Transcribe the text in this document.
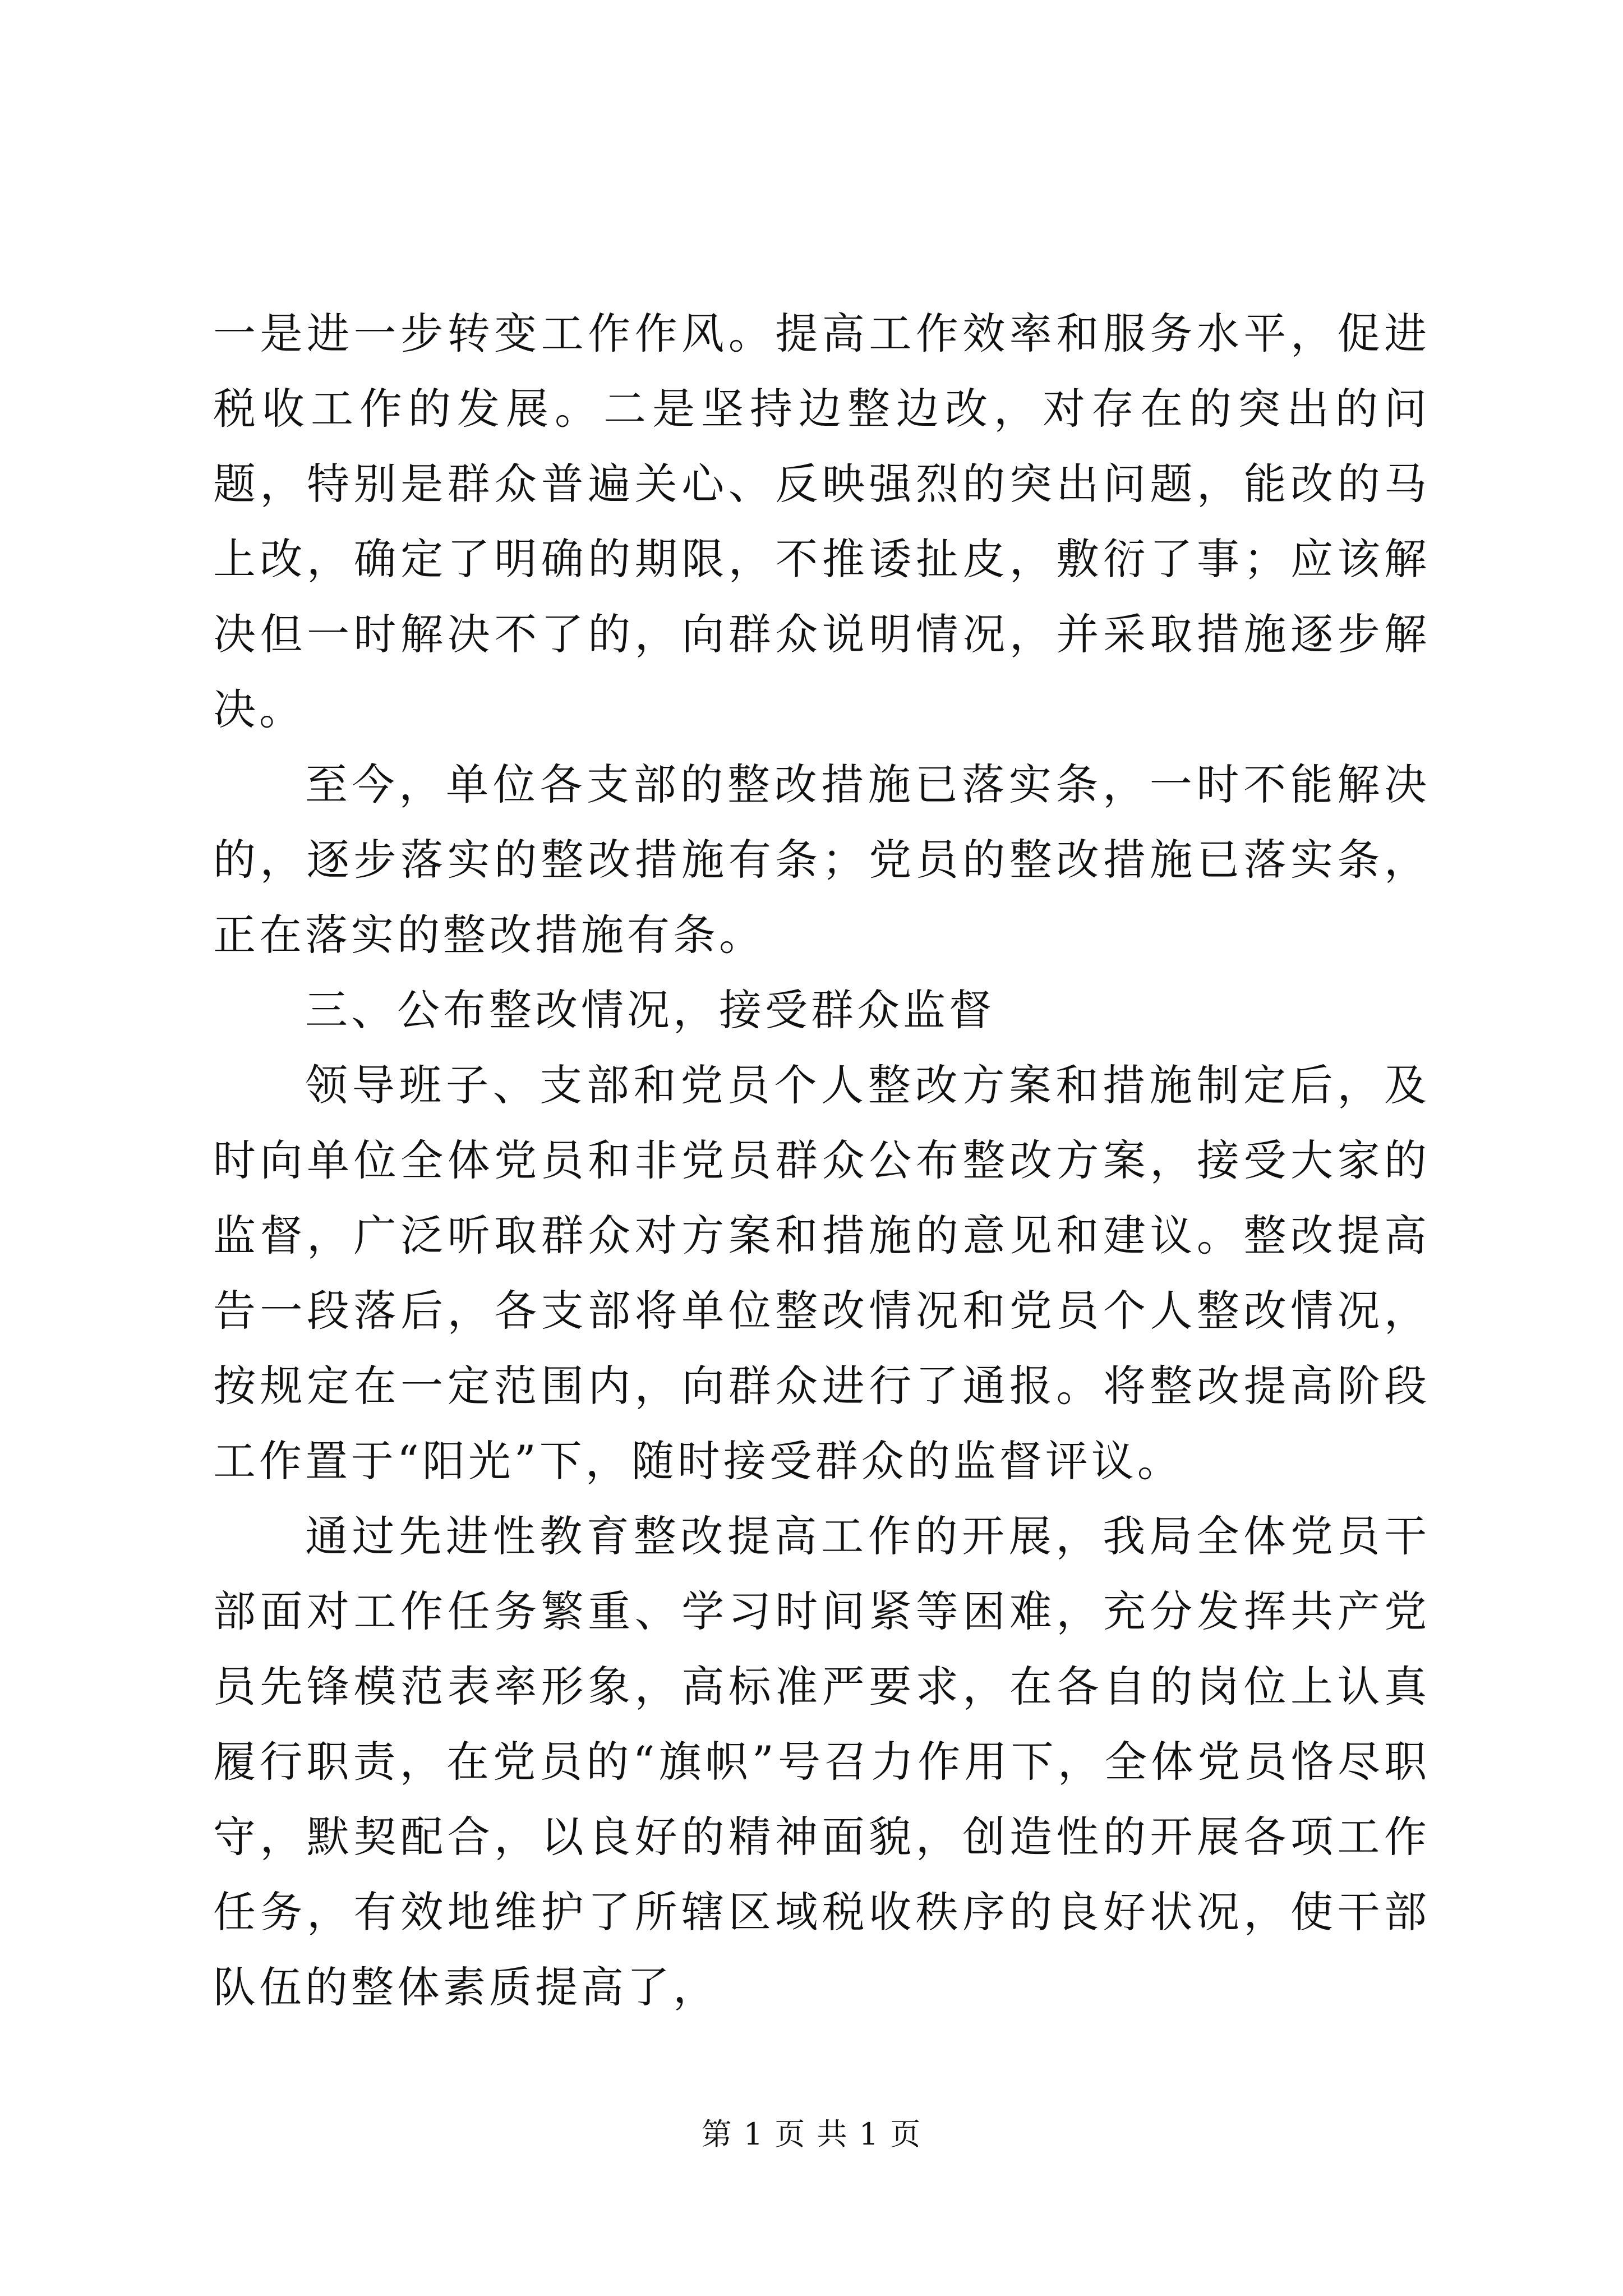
一是进一步转变工作作风。提高工作效率和服务水平，促进税收工作的发展。二是坚持边整边改，对存在的突出的问题，特别是群众普遍关心、反映强烈的突出问题，能改的马上改，确定了明确的期限，不推诿扯皮，敷衍了事；应该解决但一时解决不了的，向群众说明情况，并采取措施逐步解决。

至今，单位各支部的整改措施已落实条，一时不能解决的，逐步落实的整改措施有条；党员的整改措施已落实条，正在落实的整改措施有条。

三、公布整改情况，接受群众监督

领导班子、支部和党员个人整改方案和措施制定后，及时向单位全体党员和非党员群众公布整改方案，接受大家的监督，广泛听取群众对方案和措施的意见和建议。整改提高告一段落后，各支部将单位整改情况和党员个人整改情况，按规定在一定范围内，向群众进行了通报。将整改提高阶段工作置于“阳光”下，随时接受群众的监督评议。

通过先进性教育整改提高工作的开展，我局全体党员干部面对工作任务繁重、学习时间紧等困难，充分发挥共产党员先锋模范表率形象，高标准严要求，在各自的岗位上认真履行职责，在党员的“旗帜”号召力作用下，全体党员恪尽职守，默契配合，以良好的精神面貌，创造性的开展各项工作任务，有效地维护了所辖区域税收秩序的良好状况，使干部队伍的整体素质提高了，

第 1 页 共 1 页
